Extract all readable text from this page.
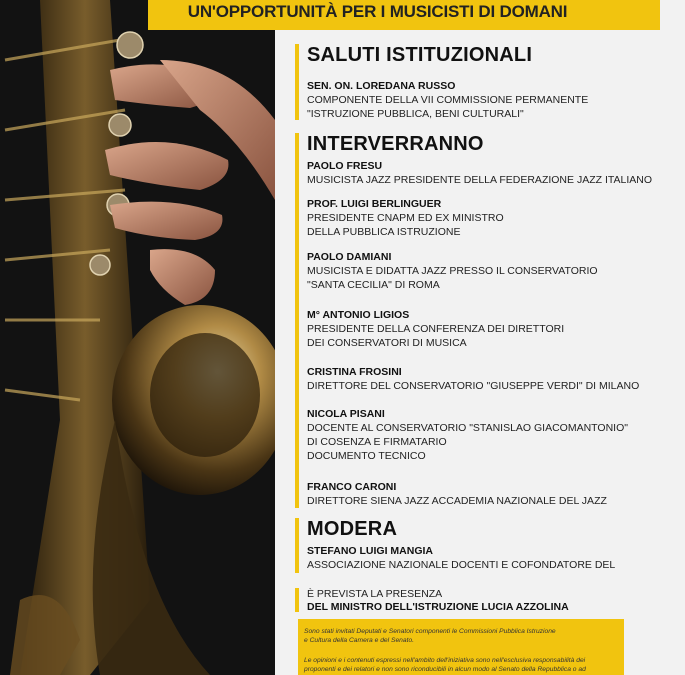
UN'OPPORTUNITÀ PER I MUSICISTI DI DOMANI
SALUTI ISTITUZIONALI
SEN. ON. LOREDANA RUSSO
COMPONENTE DELLA VII COMMISSIONE PERMANENTE
"ISTRUZIONE PUBBLICA, BENI CULTURALI"
INTERVERRANNO
PAOLO FRESU
MUSICISTA JAZZ PRESIDENTE DELLA FEDERAZIONE JAZZ ITALIANO
PROF. LUIGI BERLINGUER
PRESIDENTE CNAPM ED EX MINISTRO
DELLA PUBBLICA ISTRUZIONE
PAOLO DAMIANI
MUSICISTA E DIDATTA JAZZ PRESSO IL CONSERVATORIO
"SANTA CECILIA" DI ROMA
M° ANTONIO LIGIOS
PRESIDENTE DELLA CONFERENZA DEI DIRETTORI
DEI CONSERVATORI DI MUSICA
CRISTINA FROSINI
DIRETTORE DEL CONSERVATORIO "GIUSEPPE VERDI" DI MILANO
NICOLA PISANI
DOCENTE AL CONSERVATORIO "STANISLAO GIACOMANTONIO"
DI COSENZA E FIRMATARIO
DOCUMENTO TECNICO
FRANCO CARONI
DIRETTORE SIENA JAZZ ACCADEMIA NAZIONALE DEL JAZZ
MODERA
STEFANO LUIGI MANGIA
ASSOCIAZIONE NAZIONALE DOCENTI E COFONDATORE DEL
È PREVISTA LA PRESENZA
DEL MINISTRO DELL'ISTRUZIONE LUCIA AZZOLINA
Sono stati invitati Deputati e Senatori componenti le Commissioni Pubblica Istruzione
e Cultura della Camera e del Senato.
Le opinioni e i contenuti espressi nell'ambito dell'iniziativa sono nell'esclusiva responsabilità dei
proponenti e dei relatori e non sono riconducibili in alcun modo al Senato della Repubblica o ad
